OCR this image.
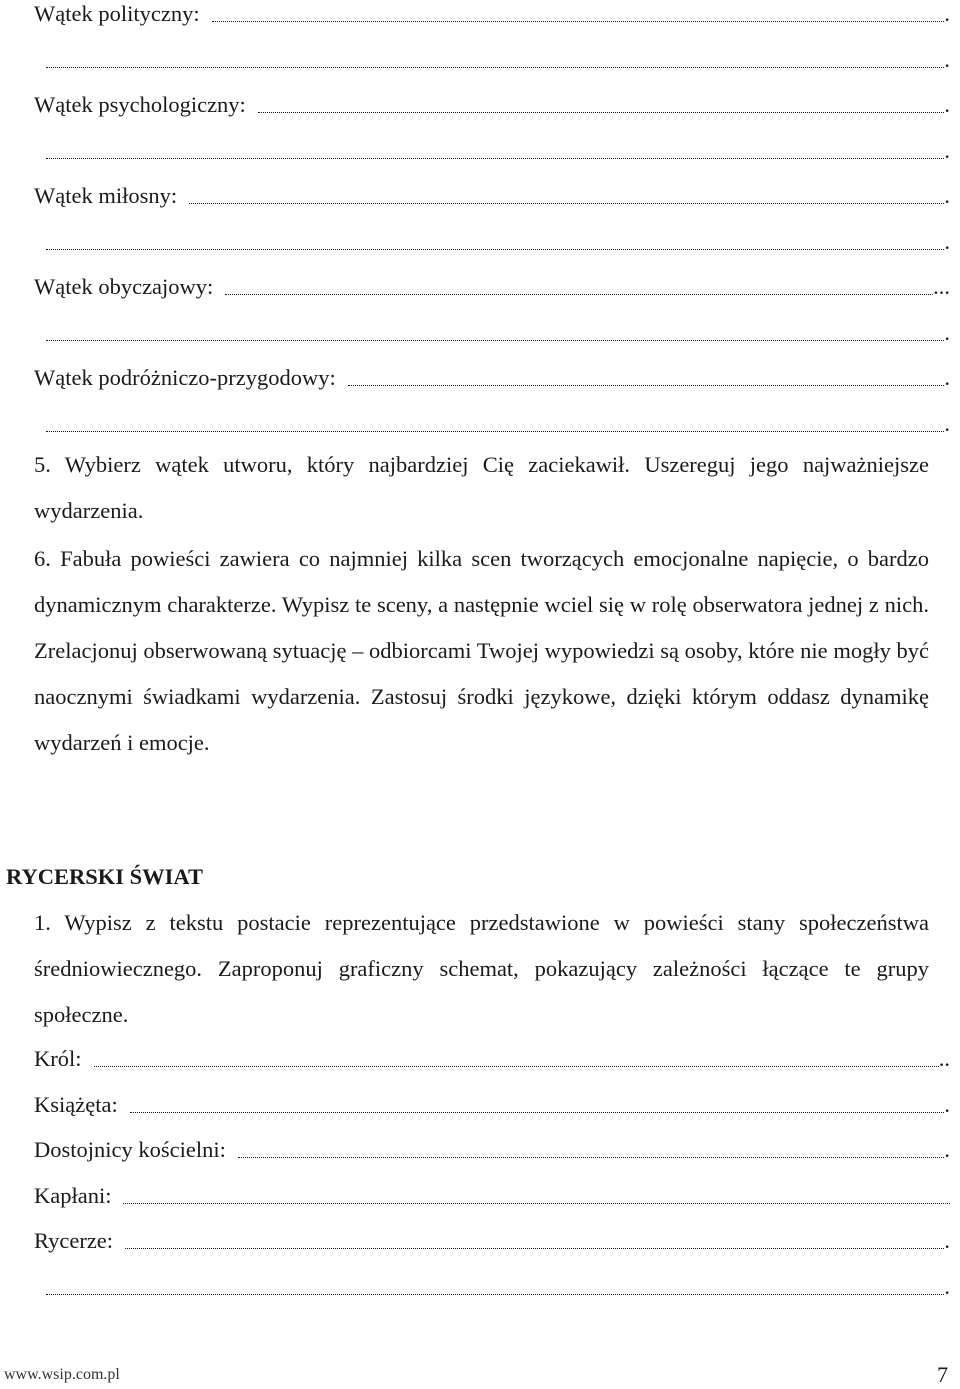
Wątek polityczny:	.
.
Wątek psychologiczny:	.
.
Wątek miłosny:	.
.
Wątek obyczajowy:	...
.
Wątek podróżniczo-przygodowy:	.
.
5. Wybierz wątek utworu, który najbardziej Cię zaciekawił. Uszereguj jego najważniejsze wydarzenia.
6. Fabuła powieści zawiera co najmniej kilka scen tworzących emocjonalne napięcie, o bardzo dynamicznym charakterze. Wypisz te sceny, a następnie wciel się w rolę obserwatora jednej z nich. Zrelacjonuj obserwowaną sytuację – odbiorcami Twojej wypowiedzi są osoby, które nie mogły być naocznymi świadkami wydarzenia. Zastosuj środki językowe, dzięki którym oddasz dynamikę wydarzeń i emocje.
RYCERSKI ŚWIAT
1. Wypisz z tekstu postacie reprezentujące przedstawione w powieści stany społeczeństwa średniowiecznego. Zaproponuj graficzny schemat, pokazujący zależności łączące te grupy społeczne.
Król:	..
Książęta:	.
Dostojnicy kościelni:	.
Kapłani:
Rycerze:	.
.
www.wsip.com.pl	7
